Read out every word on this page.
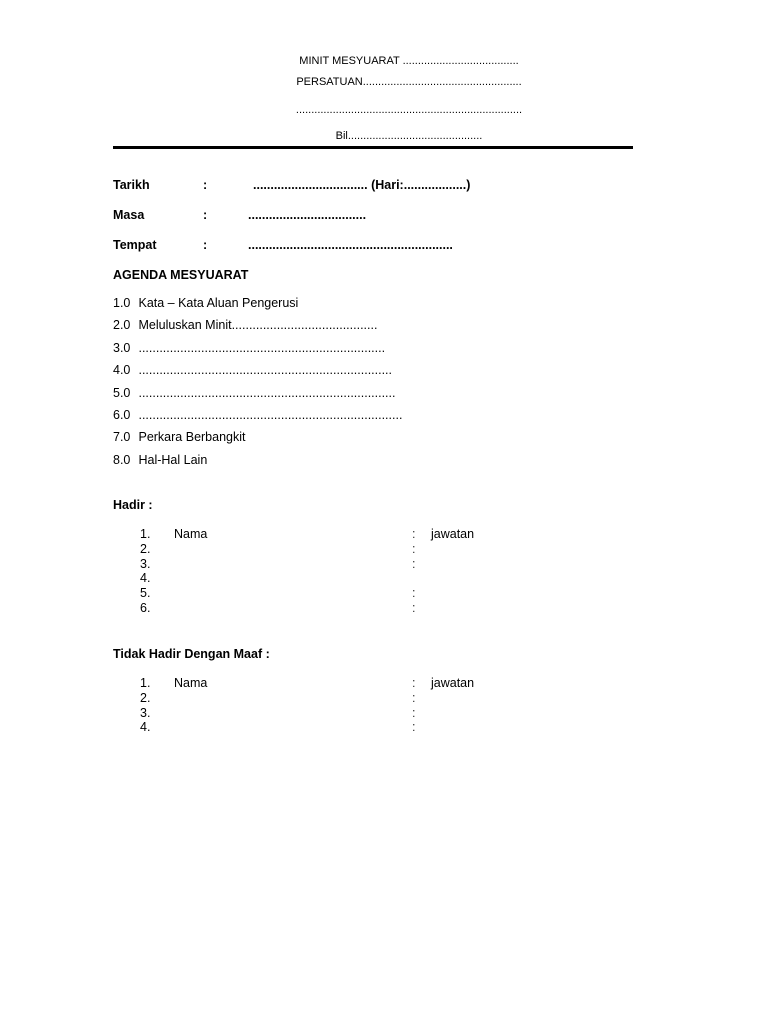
MINIT MESYUARAT ......................................
PERSATUAN....................................................
..........................................................................
Bil............................................
Tarikh	:	................................. (Hari:..................)
Masa	:	..................................
Tempat	:	...........................................................
AGENDA MESYUARAT
1.0 Kata – Kata Aluan Pengerusi
2.0 Meluluskan Minit..........................................
3.0 .......................................................................
4.0 .........................................................................
5.0 ..........................................................................
6.0 ............................................................................
7.0 Perkara Berbangkit
8.0 Hal-Hal Lain
Hadir :
1. Nama	: jawatan
2.	:
3.	:
4.
5.	:
6.	:
Tidak Hadir Dengan Maaf :
1. Nama	: jawatan
2.	:
3.	:
4.	:
